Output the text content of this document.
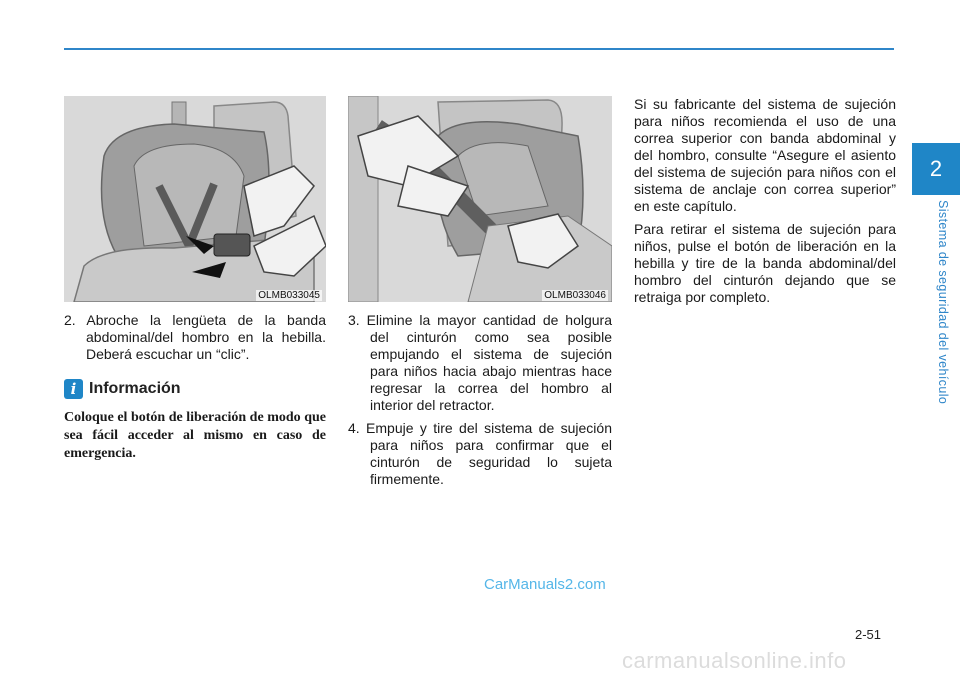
2
Sistema de seguridad del vehículo
OLMB033045
2. Abroche la lengüeta de la banda abdominal/del hombro en la hebilla. Deberá escuchar un “clic”.
i Información
Coloque el botón de liberación de modo que sea fácil acceder al mismo en caso de emergencia.
OLMB033046
3. Elimine la mayor cantidad de holgura del cinturón como sea posible empujando el sistema de sujeción para niños hacia abajo mientras hace regresar la correa del hombro al interior del retractor.
4. Empuje y tire del sistema de sujeción para niños para confirmar que el cinturón de seguridad lo sujeta firmemente.

Si su fabricante del sistema de sujeción para niños recomienda el uso de una correa superior con banda abdominal y del hombro, consulte “Asegure el asiento del sistema de sujeción para niños con el sistema de anclaje con correa superior” en este capítulo.

Para retirar el sistema de sujeción para niños, pulse el botón de liberación en la hebilla y tire de la banda abdominal/del hombro del cinturón dejando que se retraiga por completo.

CarManuals2.com
2-51
carmanualsonline.info
